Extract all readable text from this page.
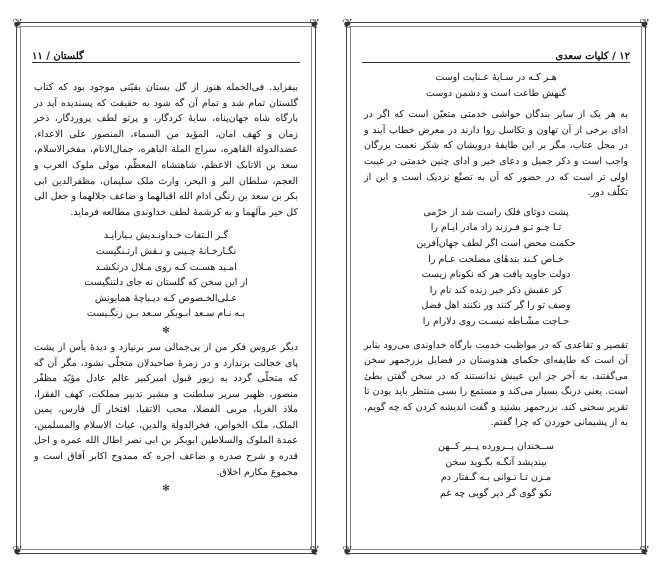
❦	❦
❦	❦
۱۲ / کلیات سعدی
هـر کـه در سـایهٔ عـنایت اوست
گنهش طاعت است و دشمن دوست

به هر یک از سایر بندگان حواشی خدمتی متعیّن است که اگر در ادای برخی از آن تهاون و تکاسل روا دارند در معرض خطاب آیند و در محل عتاب، مگر بر این طایفهٔ درویشان که شکر نعمت بزرگان واجب است و ذکر جمیل و دعای خیر و ادای چنین خدمتی در غیبت اولی تر است که در حضور که آن به تصنّع نزدیک است و این از تکلّف دور.

پشت دوتای فلک راست شد از خرّمی
تـا چـو تـو فـرزند زاد مادر ایـام را
حکمت محض است اگر لطف جهان‌آفرین
خـاص کـند بندهٔای مصلحت عـام را
دولت جاوید یافت هر که نکونام زیست
کز عقبش ذکر خیر زنده کند نام را
وصف تو را گر کنند ور نکنند اهل فضل
حـاجت مشّـاطه نیسـت روی دلارام را

تقصیر و تقاعدی که در مواظبت خدمت بارگاه خداوندی می‌رود بنابر آن است که طایفه‌ای حکمای هندوستان در فضایل بزرجمهر سخن می‌گفتند، به آخر جز این عیبش ندانستند که در سخن گفتن بطیٔ است. یعنی درنگ بسیار می‌کند و مستمع را بسی منتظر باید بودن تا تقریر سخنی کند. بزرجمهر بشنید و گفت اندیشه کردن که چه گویم، به از پشیمانی خوردن که چرا گفتم.

ســخندان پــرورده پــیر کــهن
بیندیشد آنگـه بگـوید سخن
مـزن تـا تـوانی بـه گـفتار دم
نکو گوی گر دیر گویی چه غم
❦	❦
❦	❦
گلستان / ۱۱

بیفزاید. فی‌الجمله هنوز از گل بستان بقیّتی موجود بود که کتاب گلستان تمام شد و تمام آن گه شود به حقیقت که پسندیده آید در بارگاه شاه جهان‌پناه، سایهٔ کردگار، و پرتو لطف پروردگار، ذخر زمان و کهف امان، المؤید من السماء، المنصور علی الاعداء، عضدالدولة القاهره، سراج الملة الباهره، جمال‌الانام، مفخرالاسلام، سعد بن الاتابک الاعظم، شاهنشاه المعظّم، مولی ملوک العرب و العجم، سلطان البر و البحر، وارث ملک سلیمان، مظفرالدین ابی بکر بن سعد بن زنگی ادام الله اقبالهما و ضاعف جلالهما و جعل الی کل خیر مآلهما و به کرشمهٔ لطف خداوندی مطالعه فرماید.

گـر الـتفات خـداونـدیش بـیارایـد
نگـارخـانهٔ چـینی و نـقش ارتـنگیست
امـید هسـت کـه روی مـلال درنکشـد
از این سخن که گلستان نه جای دلتنگیست
عـلی‌الخـصوص کـه دیـباچهٔ همایونش
بـه نـام سـعد ابـوبکر سـعد بـن زنگـیست
✻

دیگر عروس فکر من از بی‌جمالی سر برنیارد و دیدهٔ یأس از پشت پای خجالت برندارد و در زمرهٔ صاحبدلان متجلّی نشود، مگر آن گه که متحلّی گردد به زیور قبول امیرکبیر عالم عادل مؤیّد مظفّر منصور، ظهیر سریر سلطنت و مشیر تدبیر مملکت، کهف الفقرا، ملاذ الغربا، مربی الفضلا، محب الاتقیا، افتخار آل فارس، یمین الملک، ملک الخواص، فخرالدولة والدین، غیاث الاسلام والمسلمین، عمدة الملوک والسلاطین ابوبکر بن ابی نصر اطال الله عمره و اجل قدره و شرح صدره و ضاعف اجره که ممدوح اکابر آفاق است و مجموع مکارم اخلاق.

✻
